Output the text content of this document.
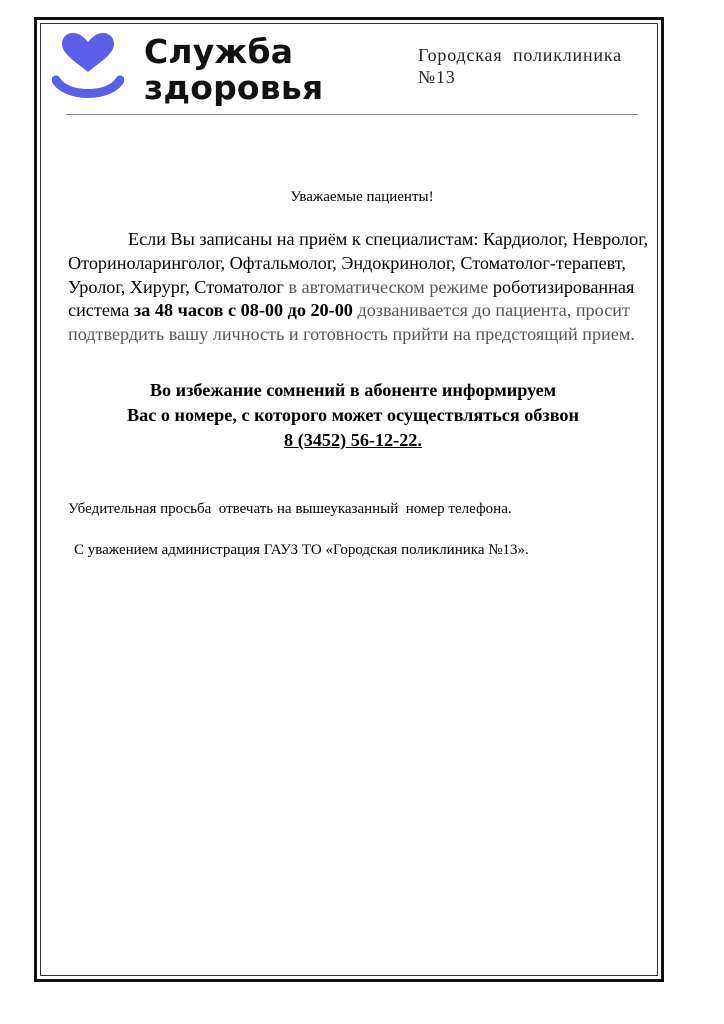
Служба
здоровья
Городская  поликлиника
№13
Уважаемые пациенты!
Если Вы записаны на приём к специалистам: Кардиолог, Невролог, Оториноларинголог, Офтальмолог, Эндокринолог, Стоматолог-терапевт, Уролог, Хирург, Стоматолог в автоматическом режиме роботизированная система за 48 часов с 08-00 до 20-00 дозванивается до пациента, просит подтвердить вашу личность и готовность прийти на предстоящий прием.
Во избежание сомнений в абоненте информируем
Вас о номере, с которого может осуществляться обзвон
8 (3452) 56-12-22.
Убедительная просьба  отвечать на вышеуказанный  номер телефона.
С уважением администрация ГАУЗ ТО «Городская поликлиника №13».
